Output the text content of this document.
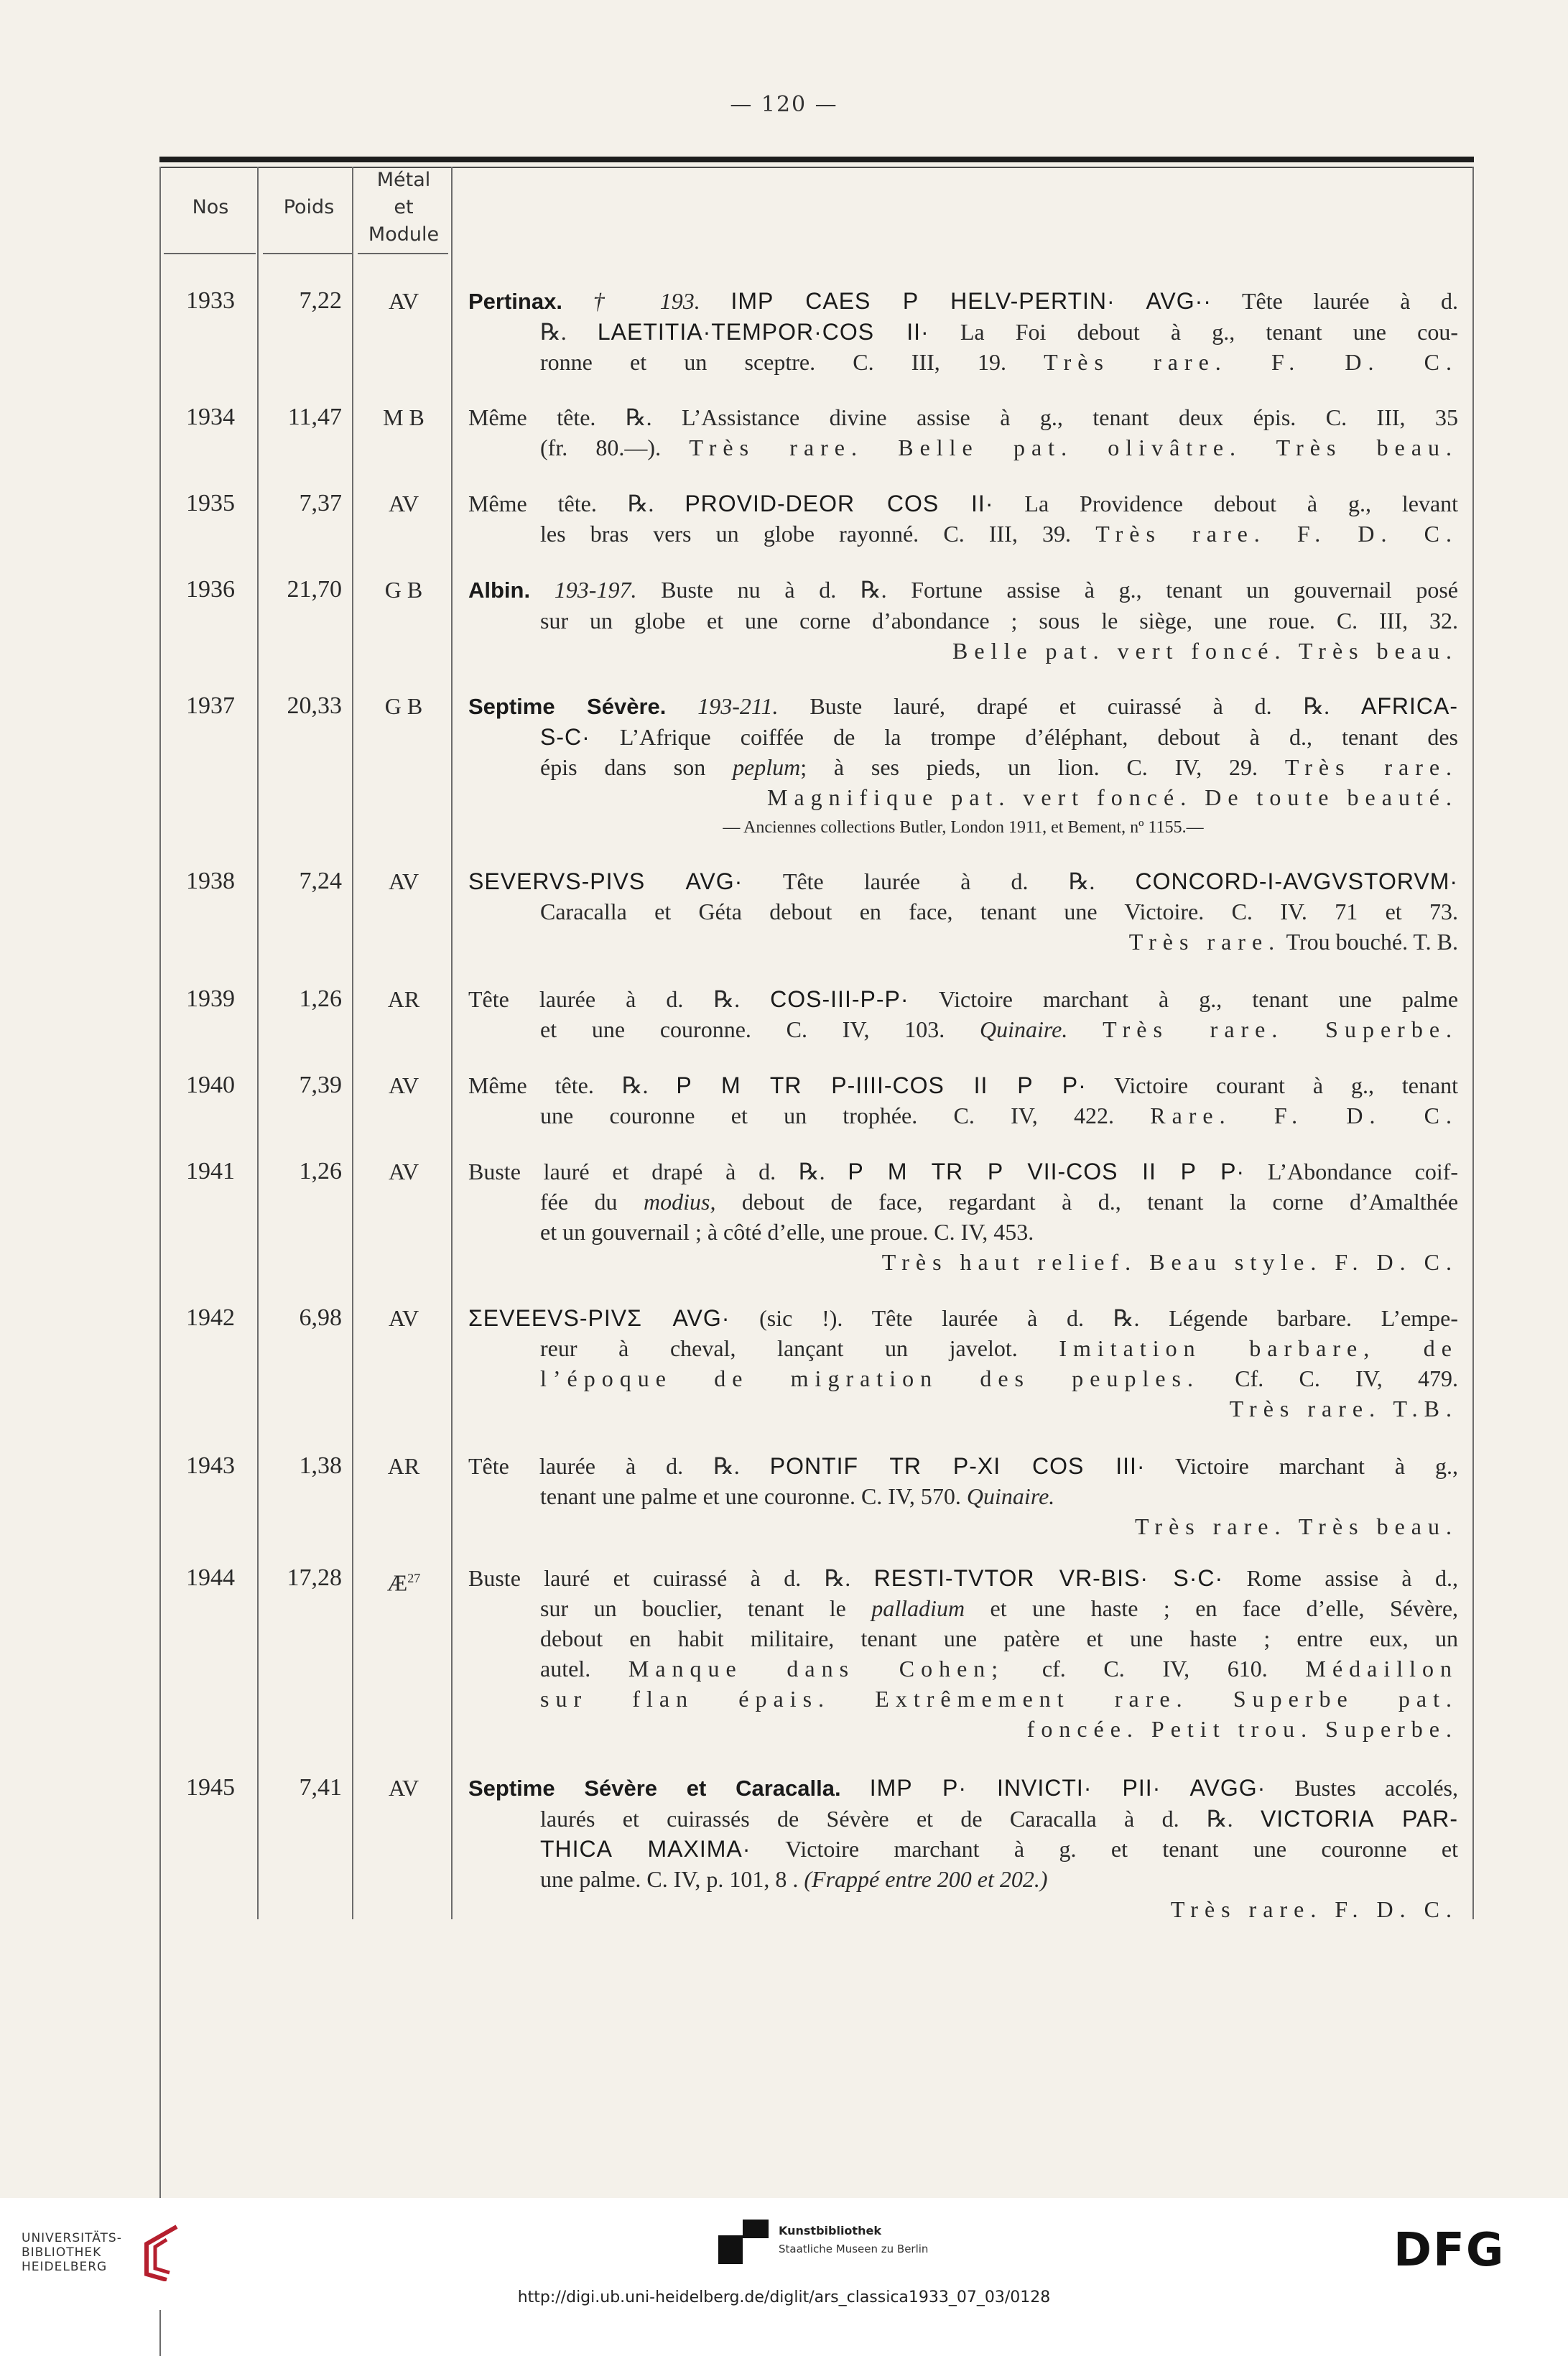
— 120 —
Nos	Poids
Métal
et
Module
1933	7,22	AV	Pertinax. † 193. IMP CAES P HELV-PERTIN· AVG·· Tête laurée à d.
℞. LAETITIA·TEMPOR·COS II· La Foi debout à g., tenant une cou-
ronne et un sceptre. C. III, 19. Très rare. F. D. C.
1934	11,47	M B	Même tête. ℞. L’Assistance divine assise à g., tenant deux épis. C. III, 35
(fr. 80.—). Très rare. Belle pat. olivâtre. Très beau.
1935	7,37	AV	Même tête. ℞. PROVID-DEOR COS II· La Providence debout à g., levant
les bras vers un globe rayonné. C. III, 39. Très rare. F. D. C.
1936	21,70	G B	Albin. 193-197. Buste nu à d. ℞. Fortune assise à g., tenant un gouvernail posé
sur un globe et une corne d’abondance ; sous le siège, une roue. C. III, 32.
Belle pat. vert foncé. Très beau.
1937	20,33	G B	Septime Sévère. 193-211. Buste lauré, drapé et cuirassé à d. ℞. AFRICA-
S-C· L’Afrique coiffée de la trompe d’éléphant, debout à d., tenant des
épis dans son peplum; à ses pieds, un lion. C. IV, 29. Très rare.
Magnifique pat. vert foncé. De toute beauté.
— Anciennes collections Butler, London 1911, et Bement, nº 1155.—
1938	7,24	AV	SEVERVS-PIVS AVG· Tête laurée à d. ℞. CONCORD-I-AVGVSTORVM·
Caracalla et Géta debout en face, tenant une Victoire. C. IV. 71 et 73.
Très rare. Trou bouché. T. B.
1939	1,26	AR	Tête laurée à d. ℞. COS-III-P-P· Victoire marchant à g., tenant une palme
et une couronne. C. IV, 103. Quinaire. Très rare. Superbe.
1940	7,39	AV	Même tête. ℞. P M TR P-IIII-COS II P P· Victoire courant à g., tenant
une couronne et un trophée. C. IV, 422. Rare. F. D. C.
1941	1,26	AV	Buste lauré et drapé à d. ℞. P M TR P VII-COS II P P· L’Abondance coif-
fée du modius, debout de face, regardant à d., tenant la corne d’Amalthée
et un gouvernail ; à côté d’elle, une proue. C. IV, 453.
Très haut relief. Beau style. F. D. C.
1942	6,98	AV	ΣEVEEVS-PIVΣ AVG· (sic !). Tête laurée à d. ℞. Légende barbare. L’empe-
reur à cheval, lançant un javelot. Imitation barbare, de
l’époque de migration des peuples. Cf. C. IV, 479.
Très rare. T.B.
1943	1,38	AR	Tête laurée à d. ℞. PONTIF TR P-XI COS III· Victoire marchant à g.,
tenant une palme et une couronne. C. IV, 570. Quinaire.
Très rare. Très beau.
1944	17,28	$Æ^{27}$	Buste lauré et cuirassé à d. ℞. RESTI-TVTOR VR-BIS· S·C· Rome assise à d.,
sur un bouclier, tenant le palladium et une haste ; en face d’elle, Sévère,
debout en habit militaire, tenant une patère et une haste ; entre eux, un
autel. Manque dans Cohen; cf. C. IV, 610. Médaillon
sur flan épais. Extrêmement rare. Superbe pat.
foncée. Petit trou. Superbe.
1945	7,41	AV	Septime Sévère et Caracalla. IMP P· INVICTI· PII· AVGG· Bustes accolés,
laurés et cuirassés de Sévère et de Caracalla à d. ℞. VICTORIA PAR-
THICA MAXIMA· Victoire marchant à g. et tenant une couronne et
une palme. C. IV, p. 101, 8 . (Frappé entre 200 et 202.)
Très rare. F. D. C.
UNIVERSITÄTS-
BIBLIOTHEK
HEIDELBERG
Kunstbibliothek
Staatliche Museen zu Berlin	DFG
http://digi.ub.uni-heidelberg.de/diglit/ars_classica1933_07_03/0128
